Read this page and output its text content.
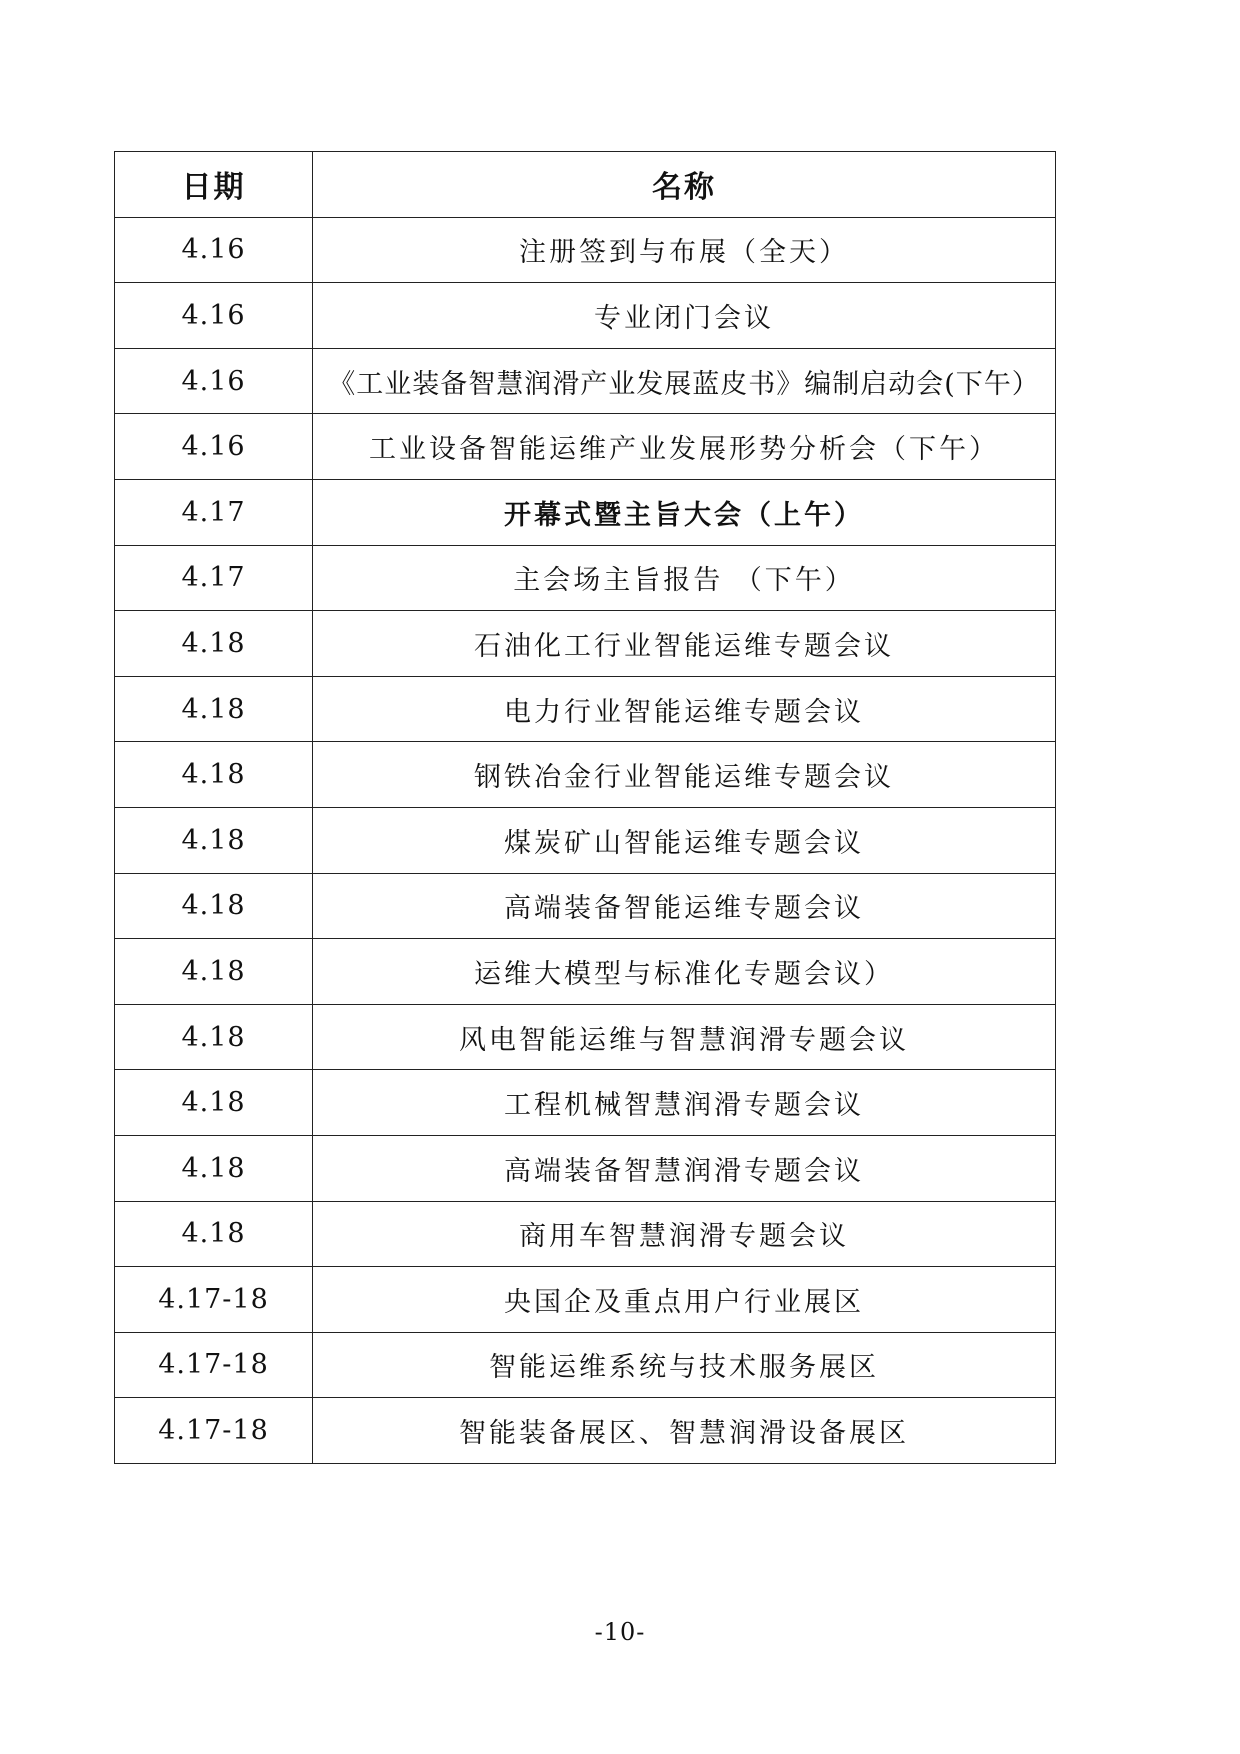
日期	名称
4.16	注册签到与布展（全天）
4.16	专业闭门会议
4.16	《工业装备智慧润滑产业发展蓝皮书》编制启动会(下午）
4.16	工业设备智能运维产业发展形势分析会（下午）
4.17	开幕式暨主旨大会（上午）
4.17	主会场主旨报告 （下午）
4.18	石油化工行业智能运维专题会议
4.18	电力行业智能运维专题会议
4.18	钢铁冶金行业智能运维专题会议
4.18	煤炭矿山智能运维专题会议
4.18	高端装备智能运维专题会议
4.18	运维大模型与标准化专题会议）
4.18	风电智能运维与智慧润滑专题会议
4.18	工程机械智慧润滑专题会议
4.18	高端装备智慧润滑专题会议
4.18	商用车智慧润滑专题会议
4.17-18	央国企及重点用户行业展区
4.17-18	智能运维系统与技术服务展区
4.17-18	智能装备展区、智慧润滑设备展区
-10-
